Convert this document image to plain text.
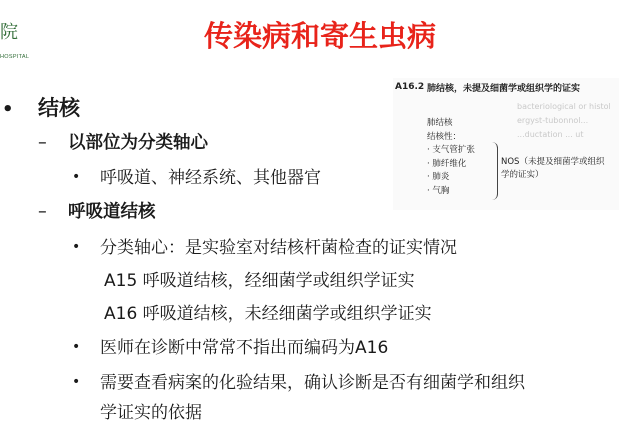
院
HOSPITAL
传染病和寄生虫病
• 结核
– 以部位为分类轴心
• 呼吸道、神经系统、其他器官
– 呼吸道结核
• 分类轴心：是实验室对结核杆菌检查的证实情况
A15 呼吸道结核，经细菌学或组织学证实
A16 呼吸道结核，未经细菌学或组织学证实
• 医师在诊断中常常不指出而编码为A16
• 需要查看病案的化验结果，确认诊断是否有细菌学和组织
学证实的依据
A16.2 肺结核，未提及细菌学或组织学的证实
bacteriological or histol
ergyst-tubonnol...
...ductation ... ut
肺结核
结核性：
· 支气管扩张
· 肺纤维化
· 肺炎
· 气胸
NOS（未提及细菌学或组织学的证实）
